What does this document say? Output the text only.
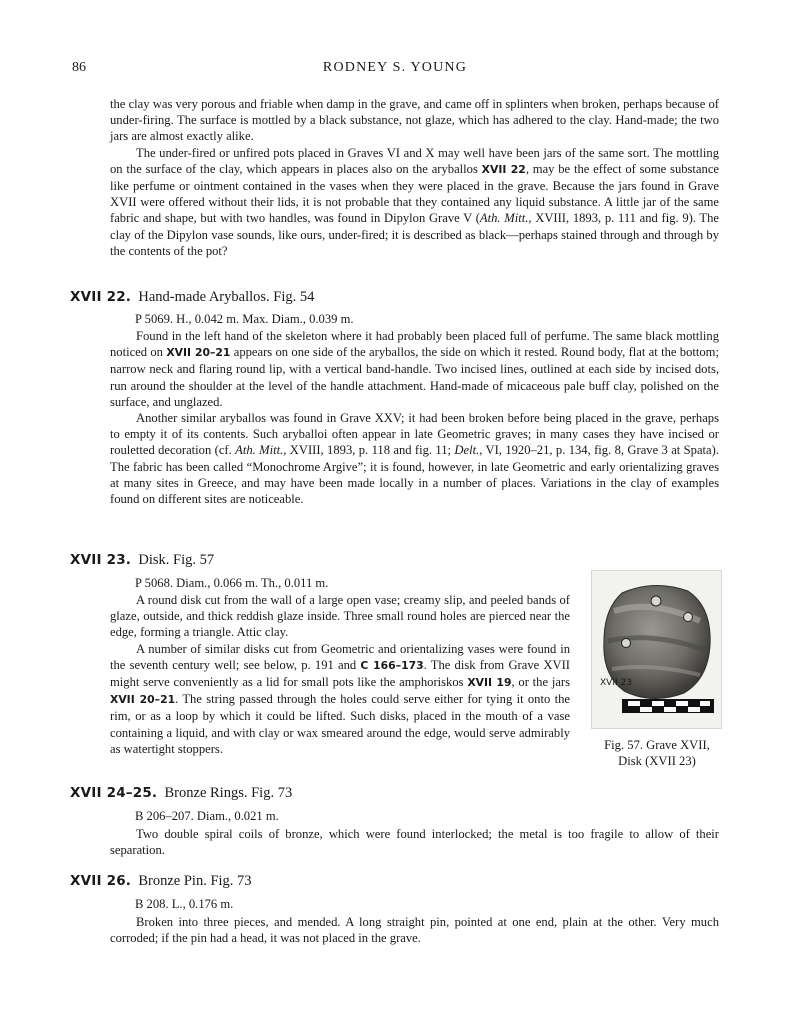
86	RODNEY S. YOUNG

the clay was very porous and friable when damp in the grave, and came off in splinters when broken, perhaps because of under-firing. The surface is mottled by a black substance, not glaze, which has adhered to the clay. Hand-made; the two jars are almost exactly alike.

The under-fired or unfired pots placed in Graves VI and X may well have been jars of the same sort. The mottling on the surface of the clay, which appears in places also on the aryballos XVII 22, may be the effect of some substance like perfume or ointment contained in the vases when they were placed in the grave. Because the jars found in Grave XVII were offered without their lids, it is not probable that they contained any liquid substance. A little jar of the same fabric and shape, but with two handles, was found in Dipylon Grave V (Ath. Mitt., XVIII, 1893, p. 111 and fig. 9). The clay of the Dipylon vase sounds, like ours, under-fired; it is described as black—perhaps stained through and through by the contents of the pot?

XVII 22. Hand-made Aryballos. Fig. 54
P 5069. H., 0.042 m. Max. Diam., 0.039 m.

Found in the left hand of the skeleton where it had probably been placed full of perfume. The same black mottling noticed on XVII 20–21 appears on one side of the aryballos, the side on which it rested. Round body, flat at the bottom; narrow neck and flaring round lip, with a vertical band-handle. Two incised lines, outlined at each side by incised dots, run around the shoulder at the level of the handle attachment. Hand-made of micaceous pale buff clay, polished on the surface, and unglazed.

Another similar aryballos was found in Grave XXV; it had been broken before being placed in the grave, perhaps to empty it of its contents. Such aryballoi often appear in late Geometric graves; in many cases they have incised or rouletted decoration (cf. Ath. Mitt., XVIII, 1893, p. 118 and fig. 11; Delt., VI, 1920–21, p. 134, fig. 8, Grave 3 at Spata). The fabric has been called “Monochrome Argive”; it is found, however, in late Geometric and early orientalizing graves at many sites in Greece, and may have been made locally in a number of places. Variations in the clay of examples found on different sites are noticeable.

XVII 23. Disk. Fig. 57
P 5068. Diam., 0.066 m. Th., 0.011 m.

A round disk cut from the wall of a large open vase; creamy slip, and peeled bands of glaze, outside, and thick reddish glaze inside. Three small round holes are pierced near the edge, forming a triangle. Attic clay.

A number of similar disks cut from Geometric and orientalizing vases were found in the seventh century well; see below, p. 191 and C 166–173. The disk from Grave XVII might serve conveniently as a lid for small pots like the amphoriskos XVII 19, or the jars XVII 20–21. The string passed through the holes could serve either for tying it onto the rim, or as a loop by which it could be lifted. Such disks, placed in the mouth of a vase containing a liquid, and with clay or wax smeared around the edge, would serve admirably as watertight stoppers.

XVII 23
Fig. 57. Grave XVII,
Disk (XVII 23)
XVII 24–25. Bronze Rings. Fig. 73
B 206–207. Diam., 0.021 m.

Two double spiral coils of bronze, which were found interlocked; the metal is too fragile to allow of their separation.

XVII 26. Bronze Pin. Fig. 73
B 208. L., 0.176 m.

Broken into three pieces, and mended. A long straight pin, pointed at one end, plain at the other. Very much corroded; if the pin had a head, it was not placed in the grave.
